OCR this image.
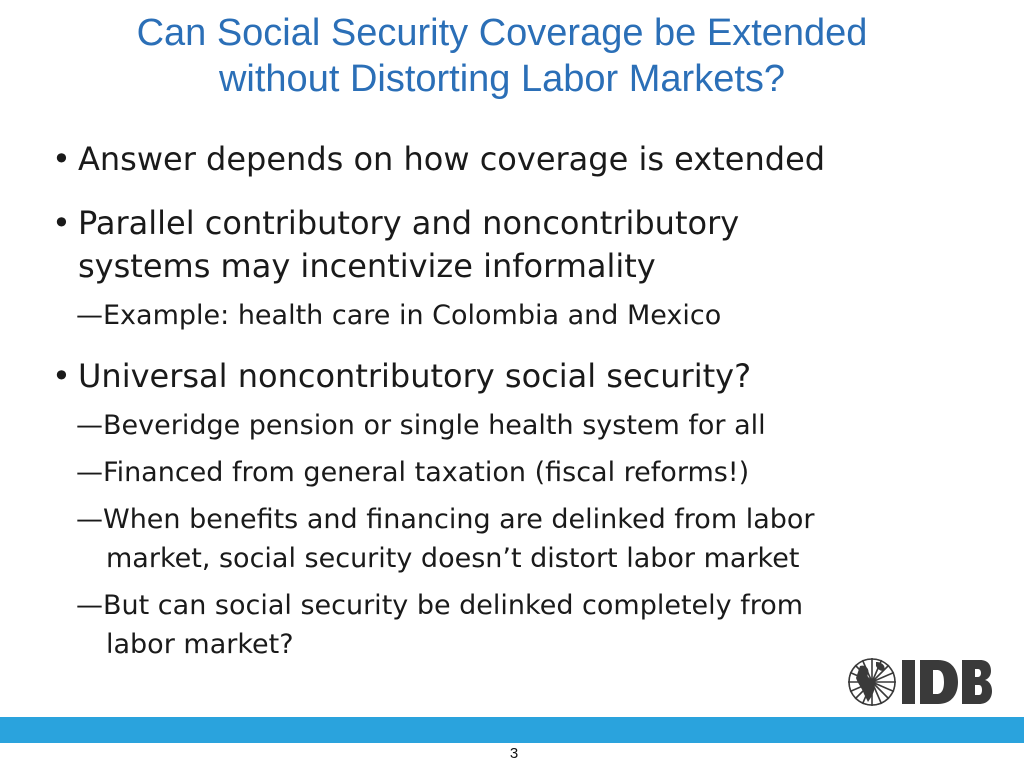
Can Social Security Coverage be Extended
without Distorting Labor Markets?
• Answer depends on how coverage is extended
• Parallel contributory and noncontributory
systems may incentivize informality
—Example: health care in Colombia and Mexico
• Universal noncontributory social security?
—Beveridge pension or single health system for all
—Financed from general taxation (fiscal reforms!)
—When benefits and financing are delinked from labor
market, social security doesn’t distort labor market
—But can social security be delinked completely from
labor market?
3
